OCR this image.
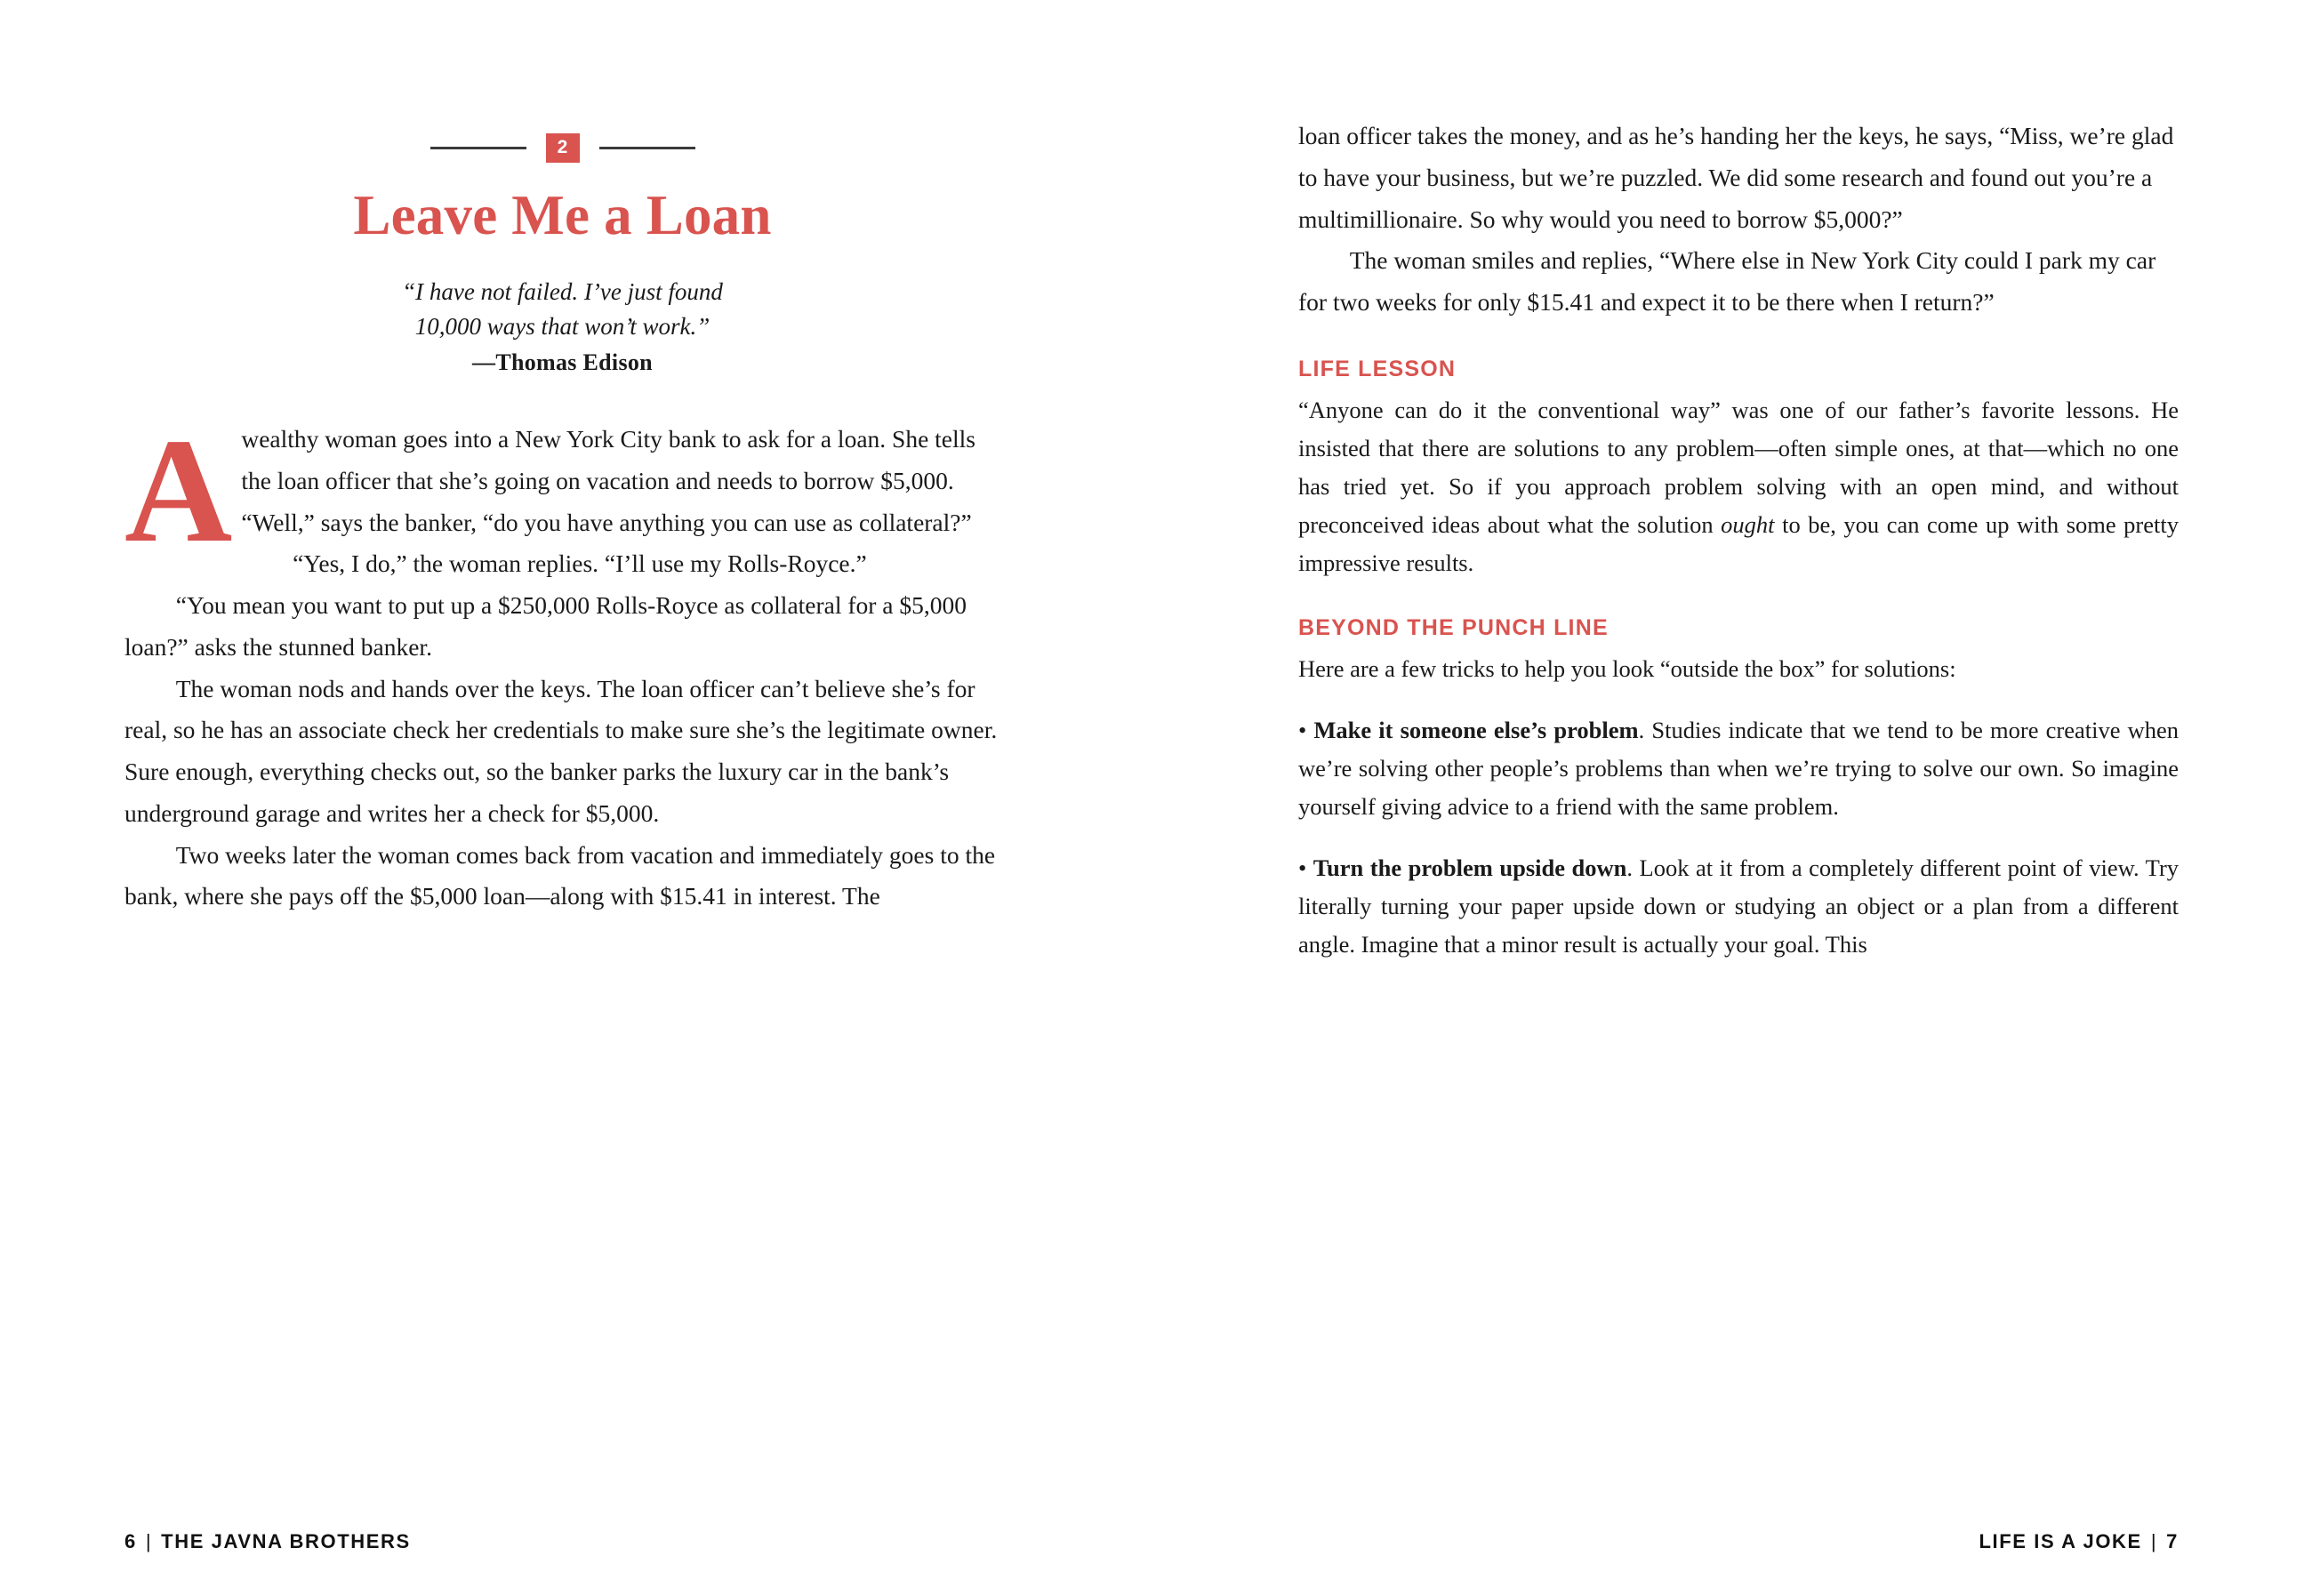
2
Leave Me a Loan
“I have not failed. I’ve just found
10,000 ways that won’t work.”
—Thomas Edison

Awealthy woman goes into a New York City bank to ask for a loan. She tells the loan officer that she’s going on vacation and needs to borrow $5,000. “Well,” says the banker, “do you have anything you can use as collateral?”

“Yes, I do,” the woman replies. “I’ll use my Rolls-Royce.”

“You mean you want to put up a $250,000 Rolls-Royce as collateral for a $5,000 loan?” asks the stunned banker.

The woman nods and hands over the keys. The loan officer can’t believe she’s for real, so he has an associate check her credentials to make sure she’s the legitimate owner. Sure enough, everything checks out, so the banker parks the luxury car in the bank’s underground garage and writes her a check for $5,000.

Two weeks later the woman comes back from vacation and immediately goes to the bank, where she pays off the $5,000 loan—along with $15.41 in interest. The

6 | THE JAVNA BROTHERS

loan officer takes the money, and as he’s handing her the keys, he says, “Miss, we’re glad to have your business, but we’re puzzled. We did some research and found out you’re a multimillionaire. So why would you need to borrow $5,000?”

The woman smiles and replies, “Where else in New York City could I park my car for two weeks for only $15.41 and expect it to be there when I return?”

LIFE LESSON

“Anyone can do it the conventional way” was one of our father’s favorite lessons. He insisted that there are solutions to any problem—often simple ones, at that—which no one has tried yet. So if you approach problem solving with an open mind, and without preconceived ideas about what the solution ought to be, you can come up with some pretty impressive results.

BEYOND THE PUNCH LINE

Here are a few tricks to help you look “outside the box” for solutions:

• Make it someone else’s problem. Studies indicate that we tend to be more creative when we’re solving other people’s problems than when we’re trying to solve our own. So imagine yourself giving advice to a friend with the same problem.

• Turn the problem upside down. Look at it from a completely different point of view. Try literally turning your paper upside down or studying an object or a plan from a different angle. Imagine that a minor result is actually your goal. This

LIFE IS A JOKE | 7
